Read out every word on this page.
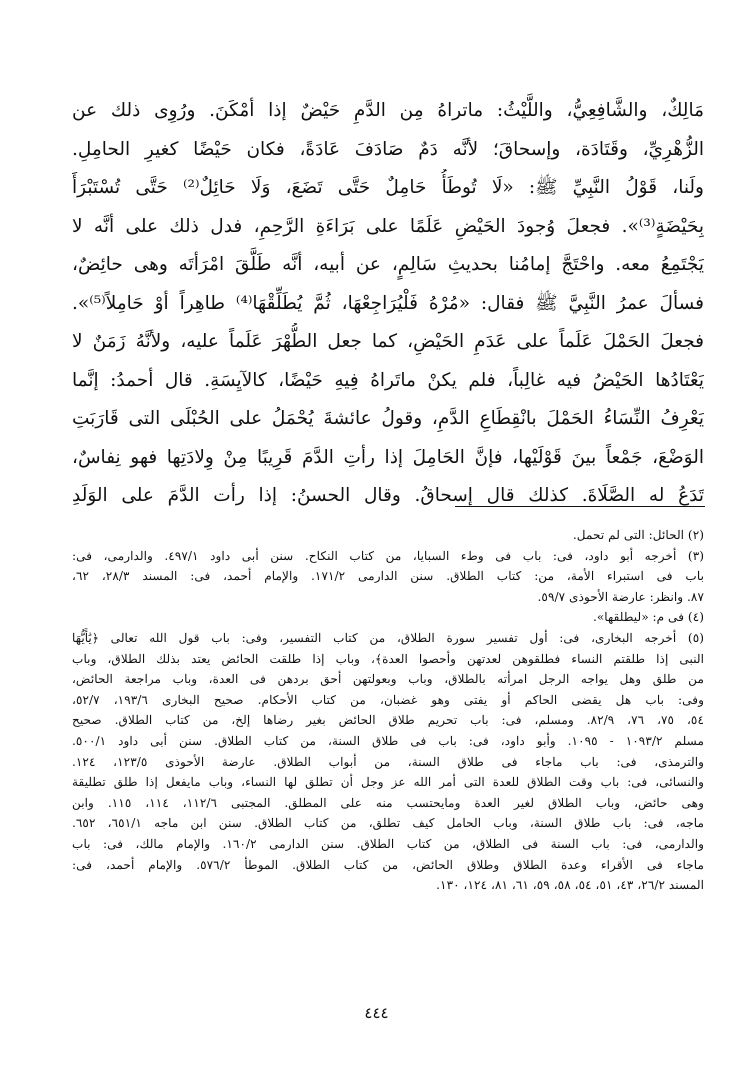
مَالِكٌ، والشَّافِعِيُّ، واللَّيْثُ: ماتراهُ مِن الدَّمِ حَيْضٌ إذا أمْكَنَ. ورُوِى ذلك عن
الزُّهْرِيِّ، وقَتَادَة، وإسحاقَ؛ لأنَّه دَمٌ صَادَفَ عَادَةً، فكان حَيْضًا كغيرِ الحامِلِ.
ولَنا، قَوْلُ النَّبِيِّ ﷺ: «لَا تُوطَأُ حَامِلٌ حَتَّى تَضَعَ، وَلَا حَائِلٌ⁽²⁾ حَتَّى تُسْتَبْرَأَ
بِحَيْضَةٍ⁽³⁾». فجعلَ وُجودَ الحَيْضِ عَلَمًا على بَرَاءَةِ الرَّحِمِ، فدل ذلك على أنَّه لا
يَجْتَمِعُ معه. واحْتَجَّ إمامُنا بحديثِ سَالِمٍ، عن أبيه، أنَّه طَلَّقَ امْرَأتَه وهى حائِضٌ،
فسألَ عمرُ النَّبِيَّ ﷺ فقال: «مُرْهُ فَلْيُرَاجِعْهَا، ثُمَّ يُطَلِّقْهَا⁽⁴⁾ طاهِراً أوْ حَامِلاً⁽⁵⁾».
فجعلَ الحَمْلَ عَلَماً على عَدَمِ الحَيْضِ، كما جعل الطُّهْرَ عَلَماً عليه، ولأنَّهُ زَمَنٌ لا
يَعْتَادُها الحَيْضُ فيه غالِباً، فلم يكنْ ماتَراهُ فِيهِ حَيْضًا، كالآيِسَةِ. قال أحمدُ: إنَّما
يَعْرِفُ النِّسَاءُ الحَمْلَ بانْقِطَاعِ الدَّمِ، وقولُ عائشةَ يُحْمَلُ على الحُبْلَى التى قَارَبَتِ
الوَضْعَ، جَمْعاً بينَ قَوْلَيْها، فإنَّ الحَامِلَ إذا رأتِ الدَّمَ قَرِيبًا مِنْ وِلادَتِها فهو نِفاسٌ،
تَدَعُ له الصَّلَاةَ. كذلك قال إسحاقُ. وقال الحسنُ: إذا رأت الدَّمَ على الوَلَدِ
(٢) الحائل: التى لم تحمل.
(٣) أخرجه أبو داود، فى: باب فى وطء السبايا، من كتاب النكاح. سنن أبى داود ٤٩٧/١. والدارمى، فى:
باب فى استبراء الأمة، من: كتاب الطلاق. سنن الدارمى ١٧١/٢. والإمام أحمد، فى: المسند ٢٨/٣، ٦٢،
٨٧. وانظر: عارضة الأحوذى ٥٩/٧.
(٤) فى م: «ليطلقها».
(٥) أخرجه البخارى، فى: أول تفسير سورة الطلاق، من كتاب التفسير، وفى: باب قول الله تعالى ﴿يَٰأَيُّهَا
النبى إذا طلقتم النساء فطلقوهن لعدتهن وأحصوا العدة﴾، وباب إذا طلقت الحائض يعتد بذلك الطلاق، وباب
من طلق وهل يواجه الرجل امرأته بالطلاق، وباب وبعولتهن أحق بردهن فى العدة، وباب مراجعة الحائض،
وفى: باب هل يقضى الحاكم أو يفتى وهو غضبان، من كتاب الأحكام. صحيح البخارى ١٩٣/٦، ٥٢/٧،
٥٤، ٧٥، ٧٦، ٨٢/٩. ومسلم، فى: باب تحريم طلاق الحائض بغير رضاها إلخ، من كتاب الطلاق. صحيح
مسلم ١٠٩٣/٢ - ١٠٩٥. وأبو داود، فى: باب فى طلاق السنة، من كتاب الطلاق. سنن أبى داود ٥٠٠/١.
والترمذى، فى: باب ماجاء فى طلاق السنة، من أبواب الطلاق. عارضة الأحوذى ١٢٣/٥، ١٢٤.
والنسائى، فى: باب وقت الطلاق للعدة التى أمر الله عز وجل أن تطلق لها النساء، وباب مايفعل إذا طلق تطليقة
وهى حائض، وباب الطلاق لغير العدة ومايحتسب منه على المطلق. المجتبى ١١٢/٦، ١١٤، ١١٥. وابن
ماجه، فى: باب طلاق السنة، وباب الحامل كيف تطلق، من كتاب الطلاق. سنن ابن ماجه ٦٥١/١، ٦٥٢.
والدارمى، فى: باب السنة فى الطلاق، من كتاب الطلاق. سنن الدارمى ١٦٠/٢. والإمام مالك، فى: باب
ماجاء فى الأقراء وعدة الطلاق وطلاق الحائض، من كتاب الطلاق. الموطأ ٥٧٦/٢. والإمام أحمد، فى:
المسند ٢٦/٢، ٤٣، ٥١، ٥٤، ٥٨، ٥٩، ٦١، ٨١، ١٢٤، ١٣٠.
٤٤٤
